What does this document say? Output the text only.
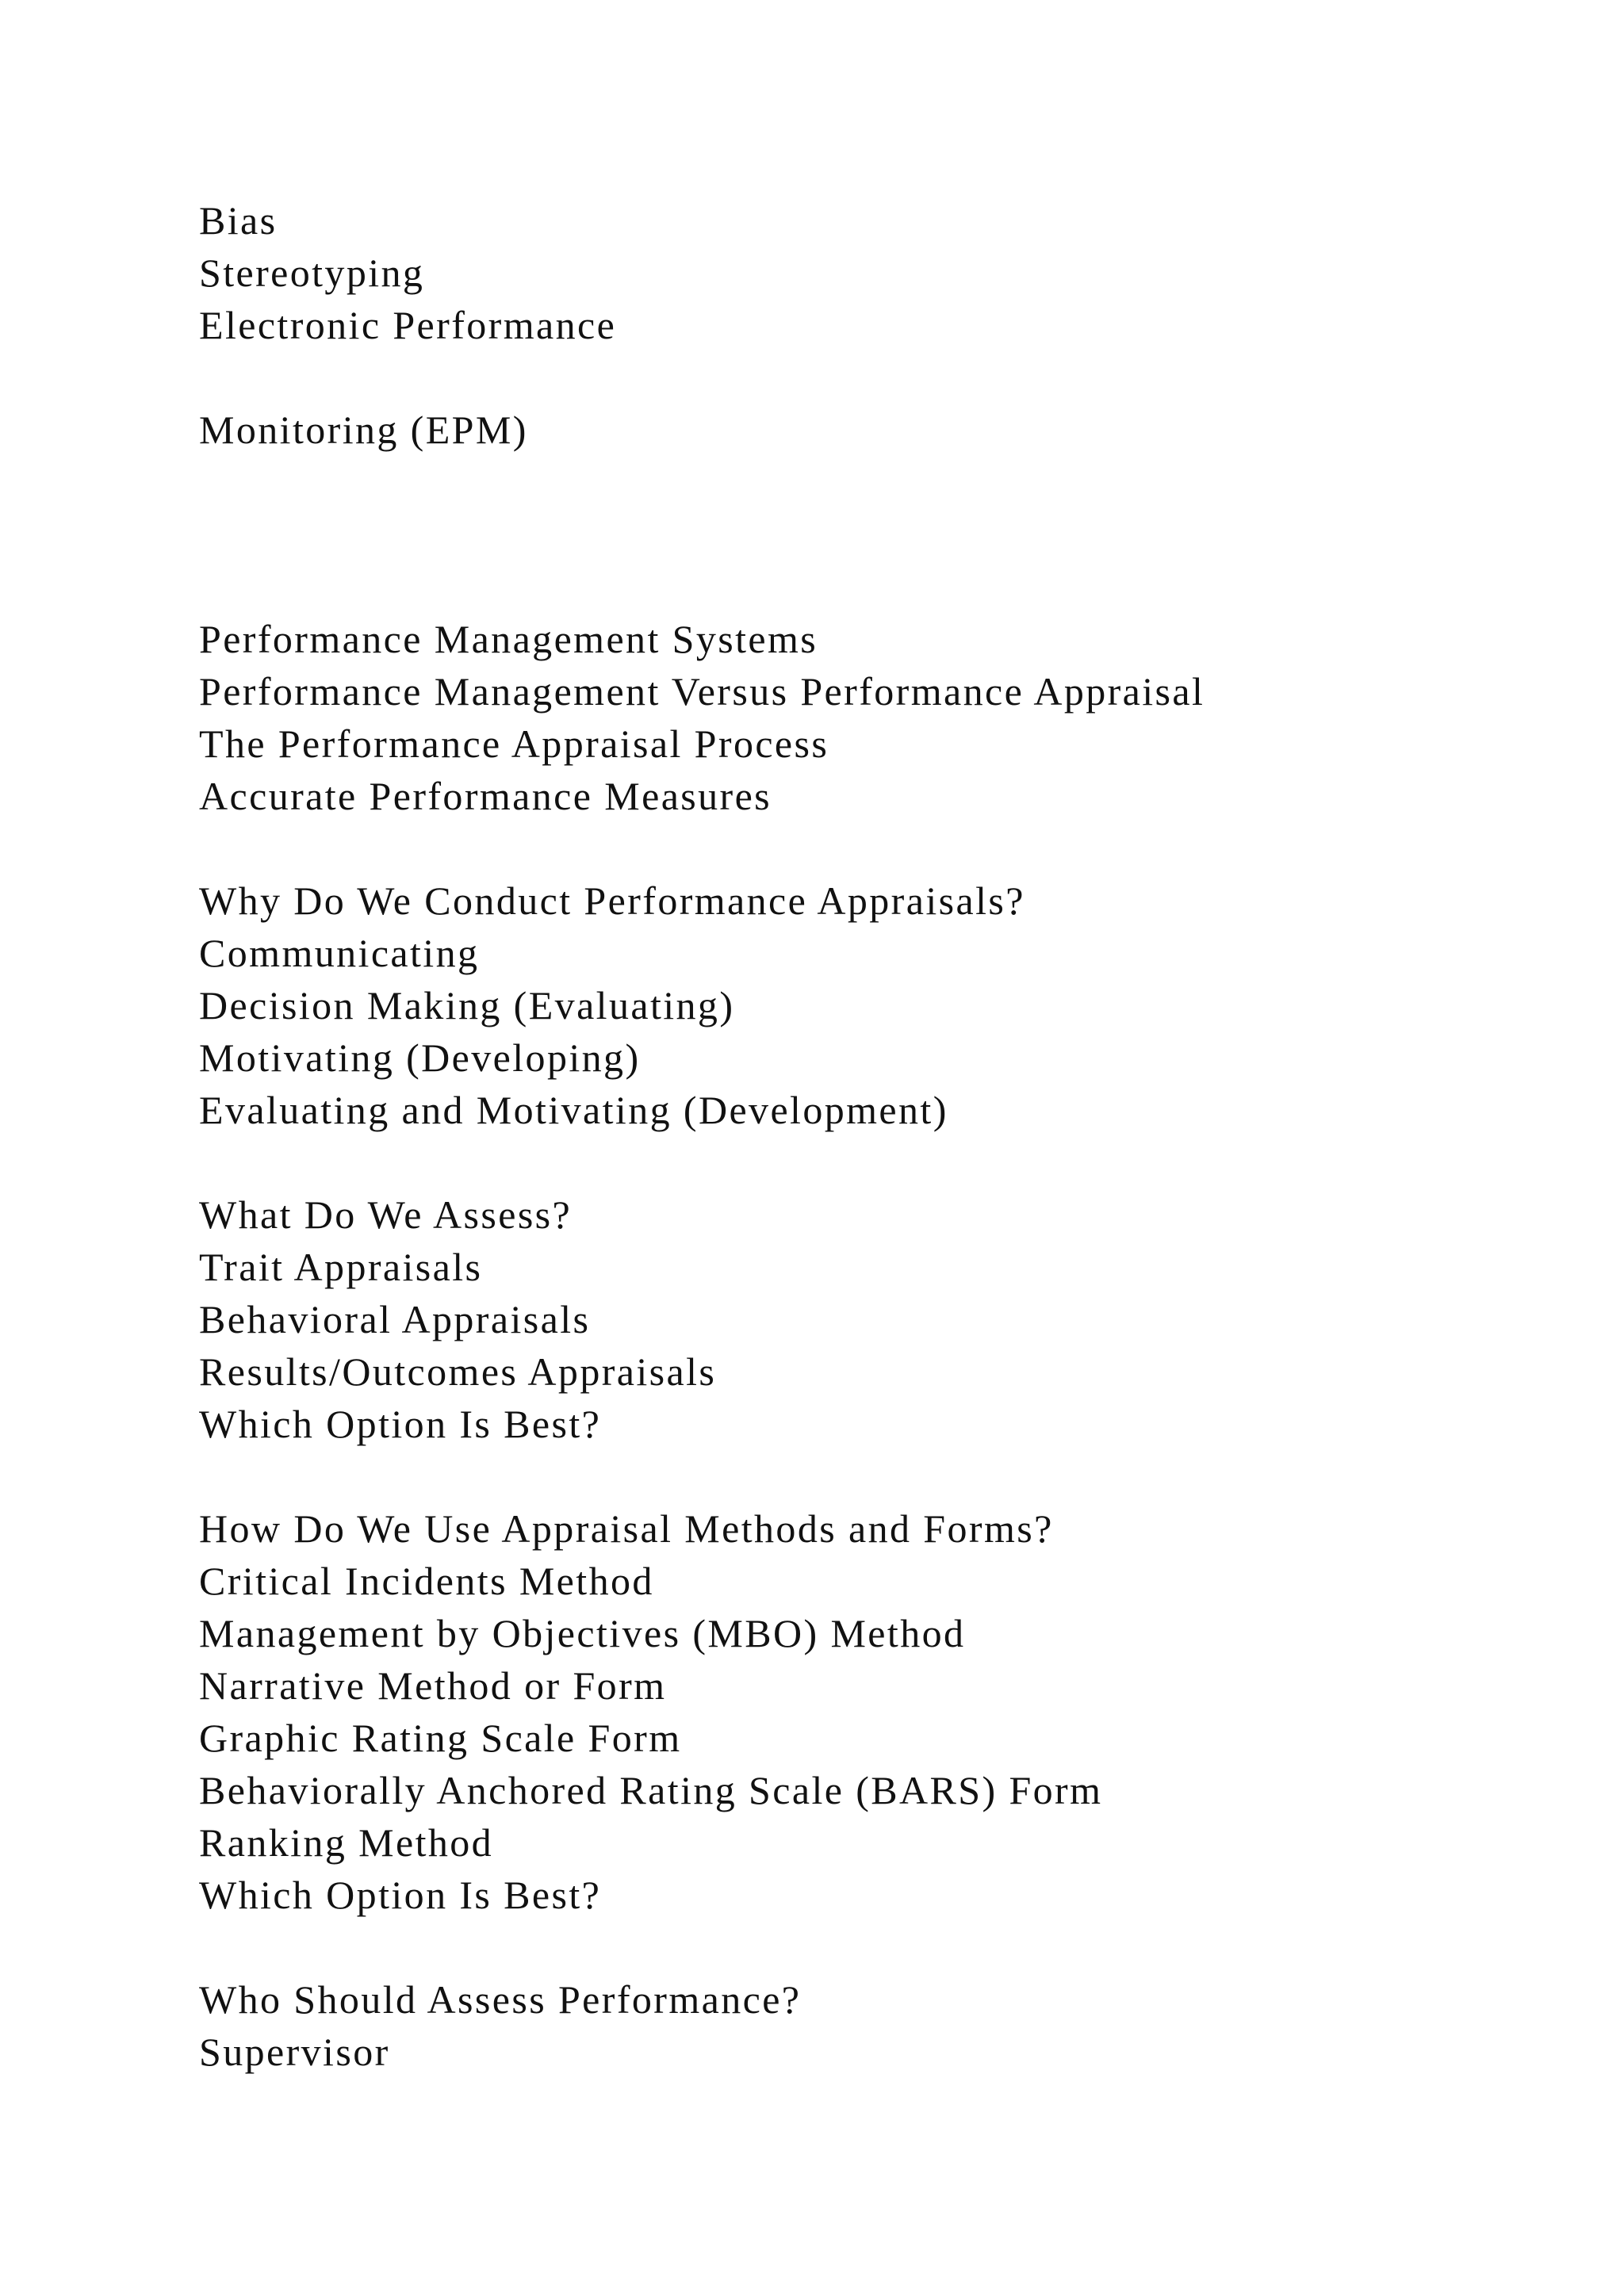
Bias
Stereotyping
Electronic Performance
Monitoring (EPM)
Performance Management Systems
Performance Management Versus Performance Appraisal
The Performance Appraisal Process
Accurate Performance Measures
Why Do We Conduct Performance Appraisals?
Communicating
Decision Making (Evaluating)
Motivating (Developing)
Evaluating and Motivating (Development)
What Do We Assess?
Trait Appraisals
Behavioral Appraisals
Results/Outcomes Appraisals
Which Option Is Best?
How Do We Use Appraisal Methods and Forms?
Critical Incidents Method
Management by Objectives (MBO) Method
Narrative Method or Form
Graphic Rating Scale Form
Behaviorally Anchored Rating Scale (BARS) Form
Ranking Method
Which Option Is Best?
Who Should Assess Performance?
Supervisor
